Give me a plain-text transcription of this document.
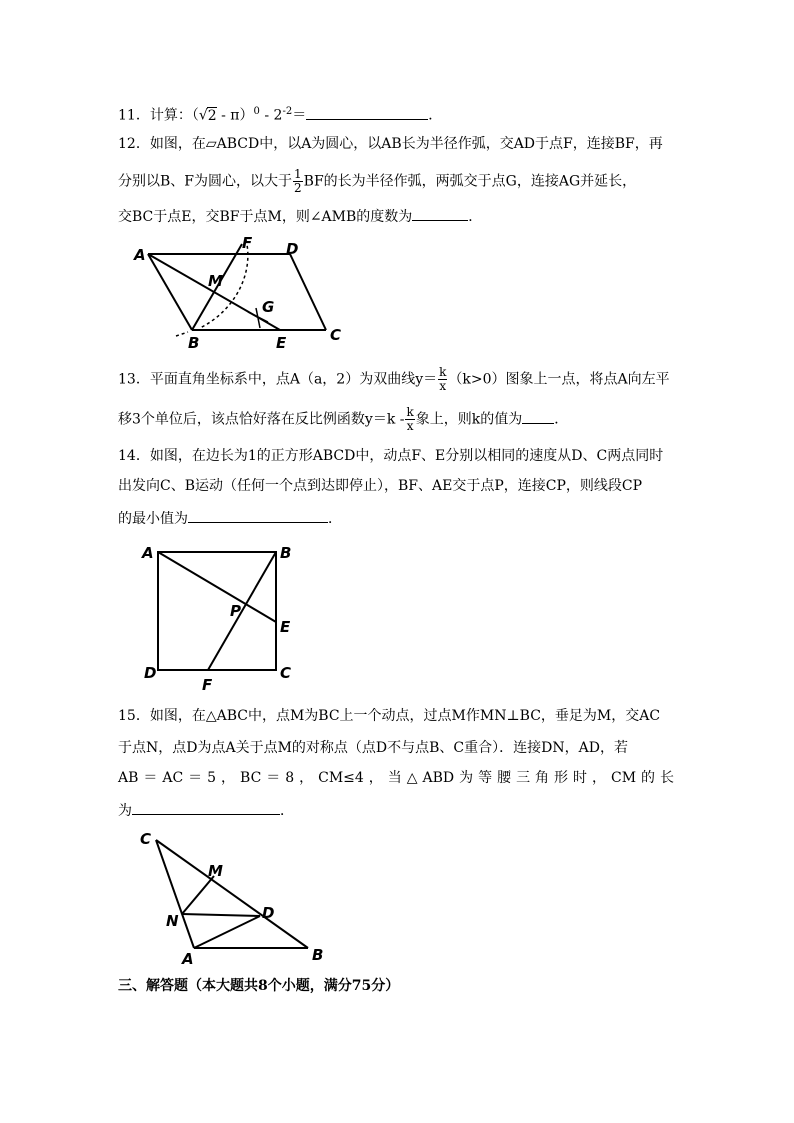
11．计算：$(√2 - \pi)^0 - 2^{-2}=$	．
12．如图，在▱ABCD中，以A为圆心，以AB长为半径作弧，交AD于点F，连接BF，再
分别以B、F为圆心，以大于 $\frac{1}{2}$ BF的长为半径作弧，两弧交于点G，连接AG并延长，
交BC于点E，交BF于点M，则∠AMB的度数为	．
A
F D
M
G
B	E	C
13．平面直角坐标系中，点A（a，2）为双曲线$y= \frac{k}{x} (k>0)$图象上一点，将点A向左平
移3个单位后，该点恰好落在反比例函数$y=k - \frac{k}{x}$ 象上，则k的值为 ．
14．如图，在边长为1的正方形ABCD中，动点F、E分别以相同的速度从D、C两点同时
出发向C、B运动（任何一个点到达即停止），BF、AE交于点P，连接CP，则线段CP
的最小值为	．
A	B
P
E
D
F
C
15．如图，在△ABC中，点M为BC上一个动点，过点M作MN⊥BC，垂足为M，交AC
于点N，点D为点A关于点M的对称点（点D不与点B、C重合）．连接DN，AD，若
AB＝AC＝5，BC＝8，CM≤4，当△ABD为等腰三角形时，CM的长
为	．
C
M
D
N
A	B
三、解答题（本大题共8个小题，满分75分）
